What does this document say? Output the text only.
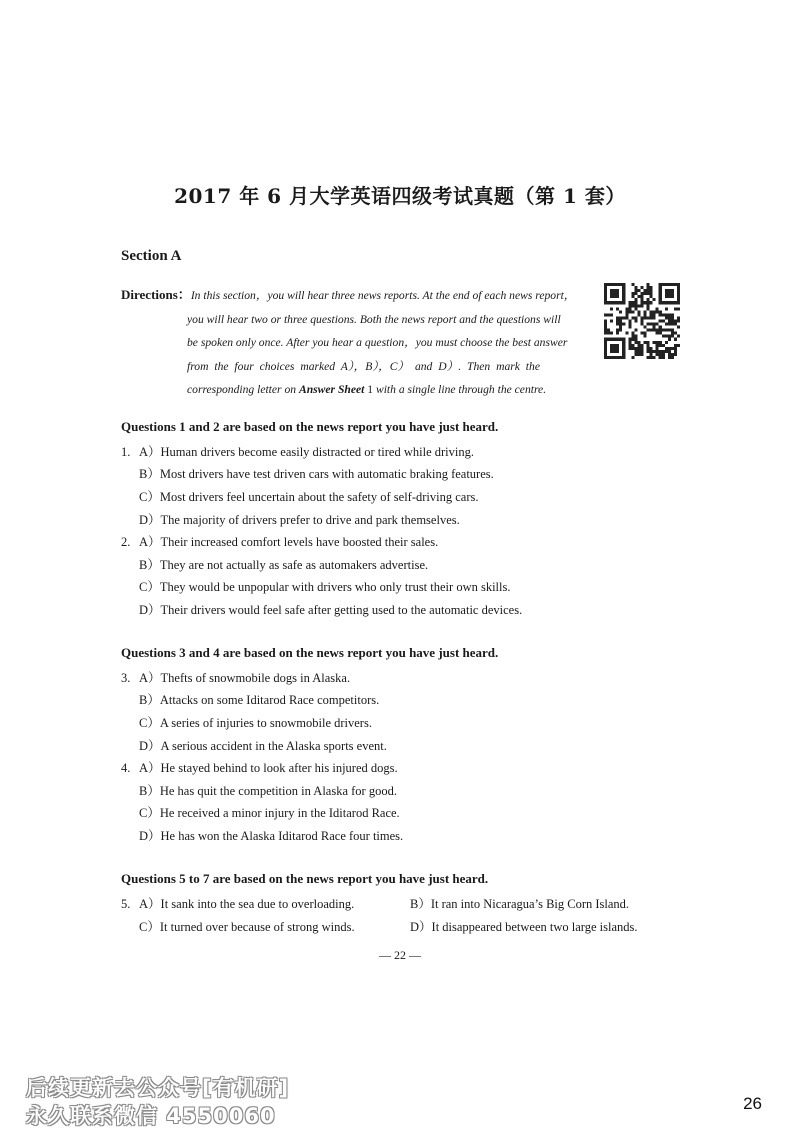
2017 年 6 月大学英语四级考试真题（第 1 套）
Section A
Directions：In this section，you will hear three news reports. At the end of each news report，
you will hear two or three questions. Both the news report and the questions will
be spoken only once. After you hear a question，you must choose the best answer
from the four choices marked A），B），C） and D）. Then mark the
corresponding letter on Answer Sheet 1 with a single line through the centre.
Questions 1 and 2 are based on the news report you have just heard.
1. A）Human drivers become easily distracted or tired while driving.
B）Most drivers have test driven cars with automatic braking features.
C）Most drivers feel uncertain about the safety of self-driving cars.
D）The majority of drivers prefer to drive and park themselves.
2. A）Their increased comfort levels have boosted their sales.
B）They are not actually as safe as automakers advertise.
C）They would be unpopular with drivers who only trust their own skills.
D）Their drivers would feel safe after getting used to the automatic devices.
Questions 3 and 4 are based on the news report you have just heard.
3. A）Thefts of snowmobile dogs in Alaska.
B）Attacks on some Iditarod Race competitors.
C）A series of injuries to snowmobile drivers.
D）A serious accident in the Alaska sports event.
4. A）He stayed behind to look after his injured dogs.
B）He has quit the competition in Alaska for good.
C）He received a minor injury in the Iditarod Race.
D）He has won the Alaska Iditarod Race four times.
Questions 5 to 7 are based on the news report you have just heard.
5. A）It sank into the sea due to overloading.	B）It ran into Nicaragua’s Big Corn Island.
C）It turned over because of strong winds.	D）It disappeared between two large islands.
— 22 —
后续更新去公众号[有机研]
永久联系微信 4550060
26
